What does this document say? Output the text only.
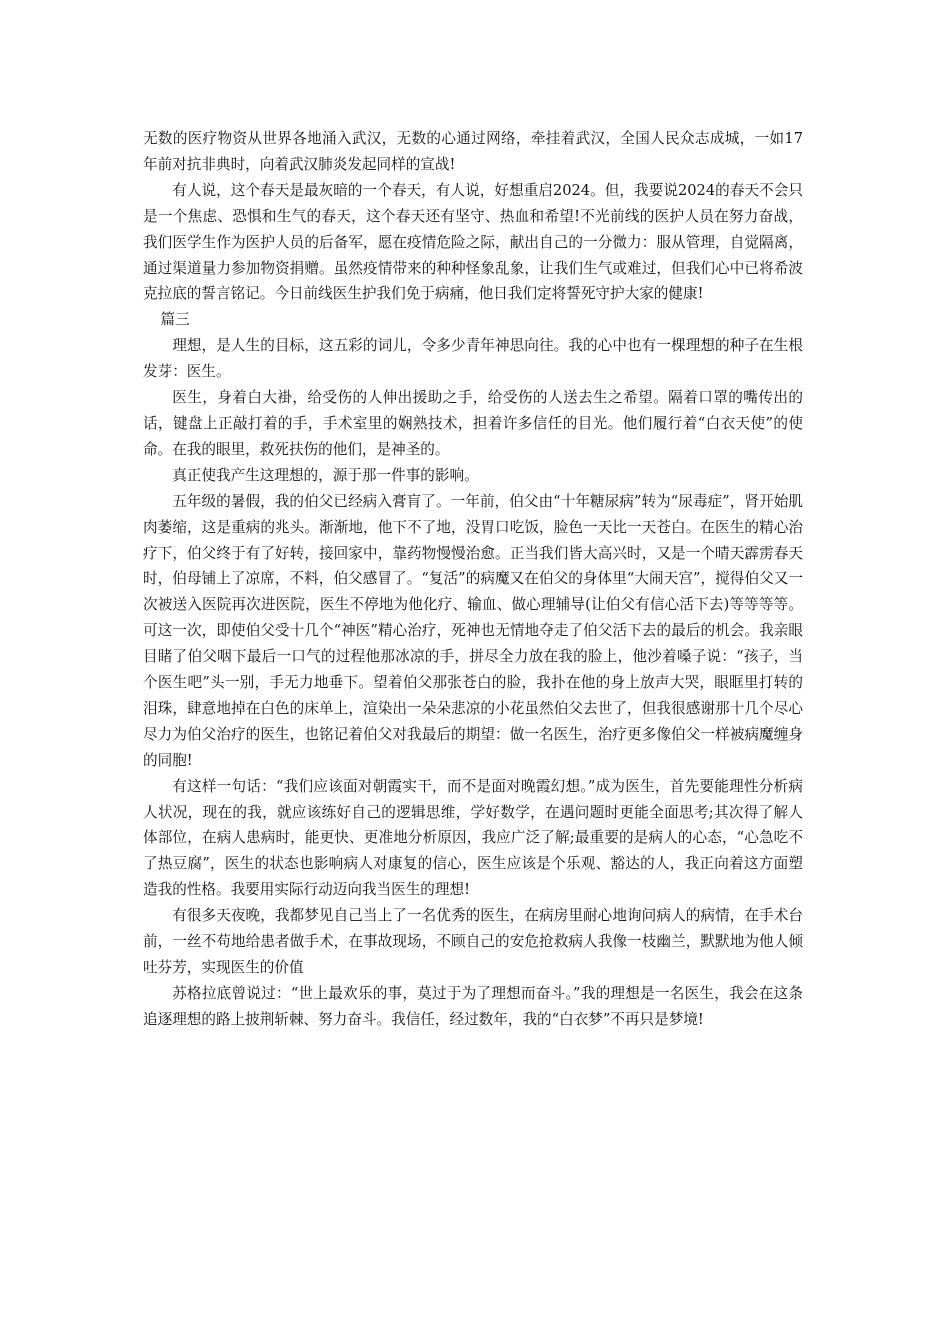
无数的医疗物资从世界各地涌入武汉，无数的心通过网络，牵挂着武汉，全国人民众志成城，一如17年前对抗非典时，向着武汉肺炎发起同样的宣战!

有人说，这个春天是最灰暗的一个春天，有人说，好想重启2024。但，我要说2024的春天不会只是一个焦虑、恐惧和生气的春天，这个春天还有坚守、热血和希望!不光前线的医护人员在努力奋战，我们医学生作为医护人员的后备军，愿在疫情危险之际，献出自己的一分微力：服从管理，自觉隔离，通过渠道量力参加物资捐赠。虽然疫情带来的种种怪象乱象，让我们生气或难过，但我们心中已将希波克拉底的誓言铭记。今日前线医生护我们免于病痛，他日我们定将誓死守护大家的健康!

篇三

理想，是人生的目标，这五彩的词儿，令多少青年神思向往。我的心中也有一棵理想的种子在生根发芽：医生。

医生，身着白大褂，给受伤的人伸出援助之手，给受伤的人送去生之希望。隔着口罩的嘴传出的话，键盘上正敲打着的手，手术室里的娴熟技术，担着许多信任的目光。他们履行着“白衣天使”的使命。在我的眼里，救死扶伤的他们，是神圣的。

真正使我产生这理想的，源于那一件事的影响。

五年级的暑假，我的伯父已经病入膏肓了。一年前，伯父由“十年糖尿病”转为“尿毒症”，肾开始肌肉萎缩，这是重病的兆头。渐渐地，他下不了地，没胃口吃饭，脸色一天比一天苍白。在医生的精心治疗下，伯父终于有了好转，接回家中，靠药物慢慢治愈。正当我们皆大高兴时，又是一个晴天霹雳春天时，伯母铺上了凉席，不料，伯父感冒了。“复活”的病魔又在伯父的身体里“大闹天宫”，搅得伯父又一次被送入医院再次进医院，医生不停地为他化疗、输血、做心理辅导(让伯父有信心活下去)等等等等。可这一次，即使伯父受十几个“神医”精心治疗，死神也无情地夺走了伯父活下去的最后的机会。我亲眼目睹了伯父咽下最后一口气的过程他那冰凉的手，拼尽全力放在我的脸上，他沙着嗓子说：“孩子，当个医生吧”头一别，手无力地垂下。望着伯父那张苍白的脸，我扑在他的身上放声大哭，眼眶里打转的泪珠，肆意地掉在白色的床单上，渲染出一朵朵悲凉的小花虽然伯父去世了，但我很感谢那十几个尽心尽力为伯父治疗的医生，也铭记着伯父对我最后的期望：做一名医生，治疗更多像伯父一样被病魔缠身的同胞!

有这样一句话：“我们应该面对朝霞实干，而不是面对晚霞幻想。”成为医生，首先要能理性分析病人状况，现在的我，就应该练好自己的逻辑思维，学好数学，在遇问题时更能全面思考;其次得了解人体部位，在病人患病时，能更快、更准地分析原因，我应广泛了解;最重要的是病人的心态，“心急吃不了热豆腐”，医生的状态也影响病人对康复的信心，医生应该是个乐观、豁达的人，我正向着这方面塑造我的性格。我要用实际行动迈向我当医生的理想!

有很多天夜晚，我都梦见自己当上了一名优秀的医生，在病房里耐心地询问病人的病情，在手术台前，一丝不苟地给患者做手术，在事故现场，不顾自己的安危抢救病人我像一枝幽兰，默默地为他人倾吐芬芳，实现医生的价值

苏格拉底曾说过：“世上最欢乐的事，莫过于为了理想而奋斗。”我的理想是一名医生，我会在这条追逐理想的路上披荆斩棘、努力奋斗。我信任，经过数年，我的“白衣梦”不再只是梦境!
